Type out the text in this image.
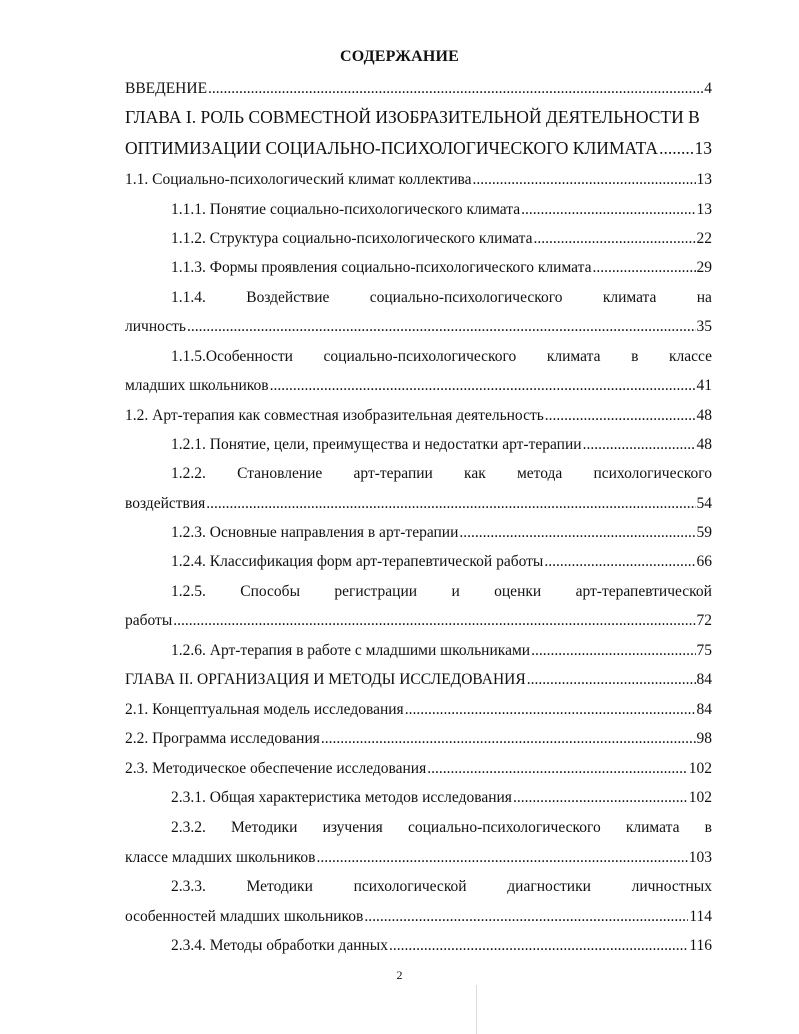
СОДЕРЖАНИЕ
ВВЕДЕНИЕ .....	4
ГЛАВА I. РОЛЬ СОВМЕСТНОЙ ИЗОБРАЗИТЕЛЬНОЙ ДЕЯТЕЛЬНОСТИ В
ОПТИМИЗАЦИИ СОЦИАЛЬНО-ПСИХОЛОГИЧЕСКОГО КЛИМАТА ..... 13
1.1. Социально-психологический климат коллектива .....	13
1.1.1. Понятие социально-психологического климата .....	13
1.1.2. Структура социально-психологического климата .....	22
1.1.3. Формы проявления социально-психологического климата .....	29
1.1.4.	Воздействие	социально-психологического	климата	на
личность .....	35
1.1.5.Особенности социально-психологического климата в классе
младших школьников .....	41
1.2. Арт-терапия как совместная изобразительная деятельность .....	48
1.2.1. Понятие, цели, преимущества и недостатки арт-терапии .....	48
1.2.2. Становление арт-терапии как метода психологического
воздействия .....	54
1.2.3. Основные направления в арт-терапии .....	59
1.2.4. Классификация форм арт-терапевтической работы .....	66
1.2.5. Способы регистрации и оценки арт-терапевтической
работы .....	72
1.2.6. Арт-терапия в работе с младшими школьниками .....	75
ГЛАВА II. ОРГАНИЗАЦИЯ И МЕТОДЫ ИССЛЕДОВАНИЯ .....	84
2.1. Концептуальная модель исследования .....	84
2.2. Программа исследования .....	98
2.3. Методическое обеспечение исследования .....	102
2.3.1. Общая характеристика методов исследования .....	102
2.3.2. Методики изучения социально-психологического климата в
классе младших школьников .....	103
2.3.3.	Методики	психологической	диагностики	личностных
особенностей младших школьников .....	114
2.3.4. Методы обработки данных .....	116
2
